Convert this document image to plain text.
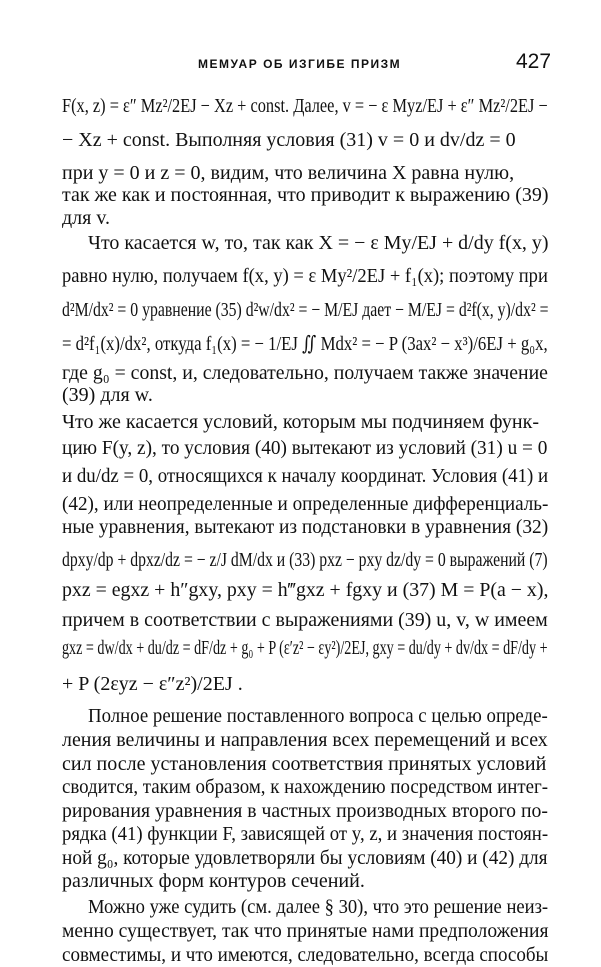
МЕМУАР ОБ ИЗГИБЕ ПРИЗМ	427
F(x, z) = ε″ Mz²/2EJ − Xz + const. Далее, v = − ε Myz/EJ + ε″ Mz²/2EJ −
− Xz + const. Выполняя условия (31) v = 0 и dv/dz = 0
при y = 0 и z = 0, видим, что величина X равна нулю,
так же как и постоянная, что приводит к выражению (39)
для v.
Что касается w, то, так как X = − ε My/EJ + d/dy f(x, y)
равно нулю, получаем f(x, y) = ε My²/2EJ + f₁(x); поэтому при
d²M/dx² = 0 уравнение (35) d²w/dx² = − M/EJ дает − M/EJ = d²f(x, y)/dx² =
= d²f₁(x)/dx², откуда f₁(x) = − 1/EJ ∬ Mdx² = − P (3ax² − x³)/6EJ + g₀x,
где g₀ = const, и, следовательно, получаем также значение
(39) для w.
Что же касается условий, которым мы подчиняем функ-
цию F(y, z), то условия (40) вытекают из условий (31) u = 0
и du/dz = 0, относящихся к началу координат. Условия (41) и
(42), или неопределенные и определенные дифференциаль-
ные уравнения, вытекают из подстановки в уравнения (32)
dpxy/dp + dpxz/dz = − z/J dM/dx и (33) pxz − pxy dz/dy = 0 выражений (7)
pxz = egxz + h″gxy, pxy = h‴gxz + fgxy и (37) M = P(a − x),
причем в соответствии с выражениями (39) u, v, w имеем
gxz = dw/dx + du/dz = dF/dz + g₀ + P (ε′z² − εy²)/2EJ, gxy = du/dy + dv/dx = dF/dy +
+ P (2εyz − ε″z²)/2EJ .
Полное решение поставленного вопроса с целью опреде-
ления величины и направления всех перемещений и всех
сил после установления соответствия принятых условий
сводится, таким образом, к нахождению посредством интег-
рирования уравнения в частных производных второго по-
рядка (41) функции F, зависящей от y, z, и значения постоян-
ной g₀, которые удовлетворяли бы условиям (40) и (42) для
различных форм контуров сечений.
Можно уже судить (см. далее § 30), что это решение неиз-
менно существует, так что принятые нами предположения
совместимы, и что имеются, следовательно, всегда способы
